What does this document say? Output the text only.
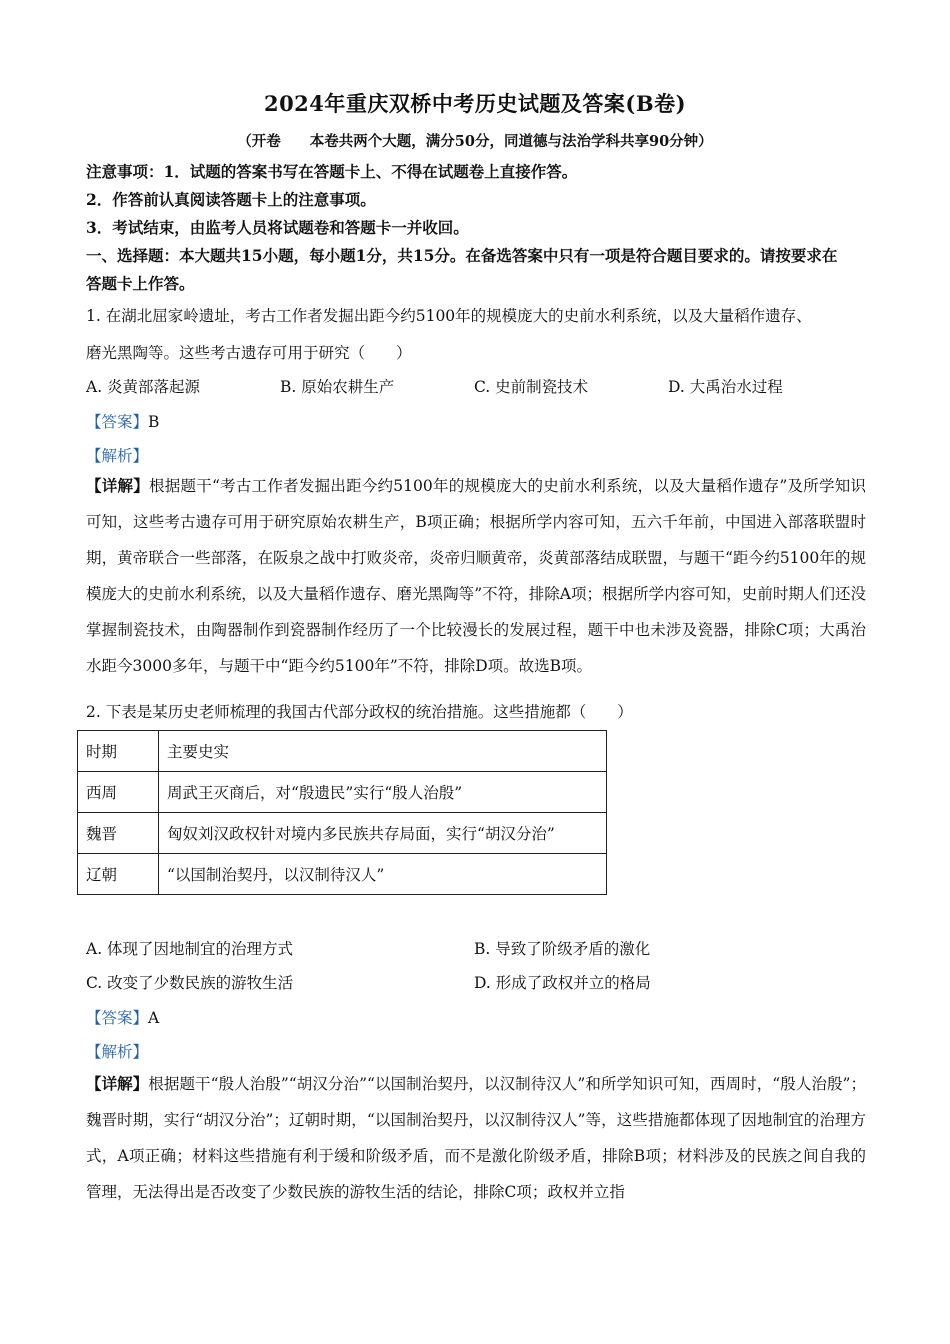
2024年重庆双桥中考历史试题及答案(B卷)
（开卷　　本卷共两个大题，满分50分，同道德与法治学科共享90分钟）
注意事项：1．试题的答案书写在答题卡上、不得在试题卷上直接作答。
2．作答前认真阅读答题卡上的注意事项。
3．考试结束，由监考人员将试题卷和答题卡一并收回。
一、选择题：本大题共15小题，每小题1分，共15分。在备选答案中只有一项是符合题目要求的。请按要求在
答题卡上作答。
1. 在湖北屈家岭遗址，考古工作者发掘出距今约5100年的规模庞大的史前水利系统，以及大量稻作遗存、
磨光黑陶等。这些考古遗存可用于研究（　　）
A. 炎黄部落起源	B. 原始农耕生产	C. 史前制瓷技术	D. 大禹治水过程
【答案】B
【解析】
【详解】根据题干“考古工作者发掘出距今约5100年的规模庞大的史前水利系统，以及大量稻作遗存”及所学知识可知，这些考古遗存可用于研究原始农耕生产，B项正确；根据所学内容可知，五六千年前，中国进入部落联盟时期，黄帝联合一些部落，在阪泉之战中打败炎帝，炎帝归顺黄帝，炎黄部落结成联盟，与题干“距今约5100年的规模庞大的史前水利系统，以及大量稻作遗存、磨光黑陶等”不符，排除A项；根据所学内容可知，史前时期人们还没掌握制瓷技术，由陶器制作到瓷器制作经历了一个比较漫长的发展过程，题干中也未涉及瓷器，排除C项；大禹治水距今3000多年，与题干中“距今约5100年”不符，排除D项。故选B项。
2. 下表是某历史老师梳理的我国古代部分政权的统治措施。这些措施都（　　）
时期	主要史实
西周	周武王灭商后，对“殷遗民”实行“殷人治殷”
魏晋	匈奴刘汉政权针对境内多民族共存局面，实行“胡汉分治”
辽朝	“以国制治契丹，以汉制待汉人”
A. 体现了因地制宜的治理方式	B. 导致了阶级矛盾的激化
C. 改变了少数民族的游牧生活	D. 形成了政权并立的格局
【答案】A
【解析】
【详解】根据题干“殷人治殷”“胡汉分治”“以国制治契丹，以汉制待汉人”和所学知识可知，西周时，“殷人治殷”；魏晋时期，实行“胡汉分治”；辽朝时期，“以国制治契丹，以汉制待汉人”等，这些措施都体现了因地制宜的治理方式，A项正确；材料这些措施有利于缓和阶级矛盾，而不是激化阶级矛盾，排除B项；材料涉及的民族之间自我的管理，无法得出是否改变了少数民族的游牧生活的结论，排除C项；政权并立指
